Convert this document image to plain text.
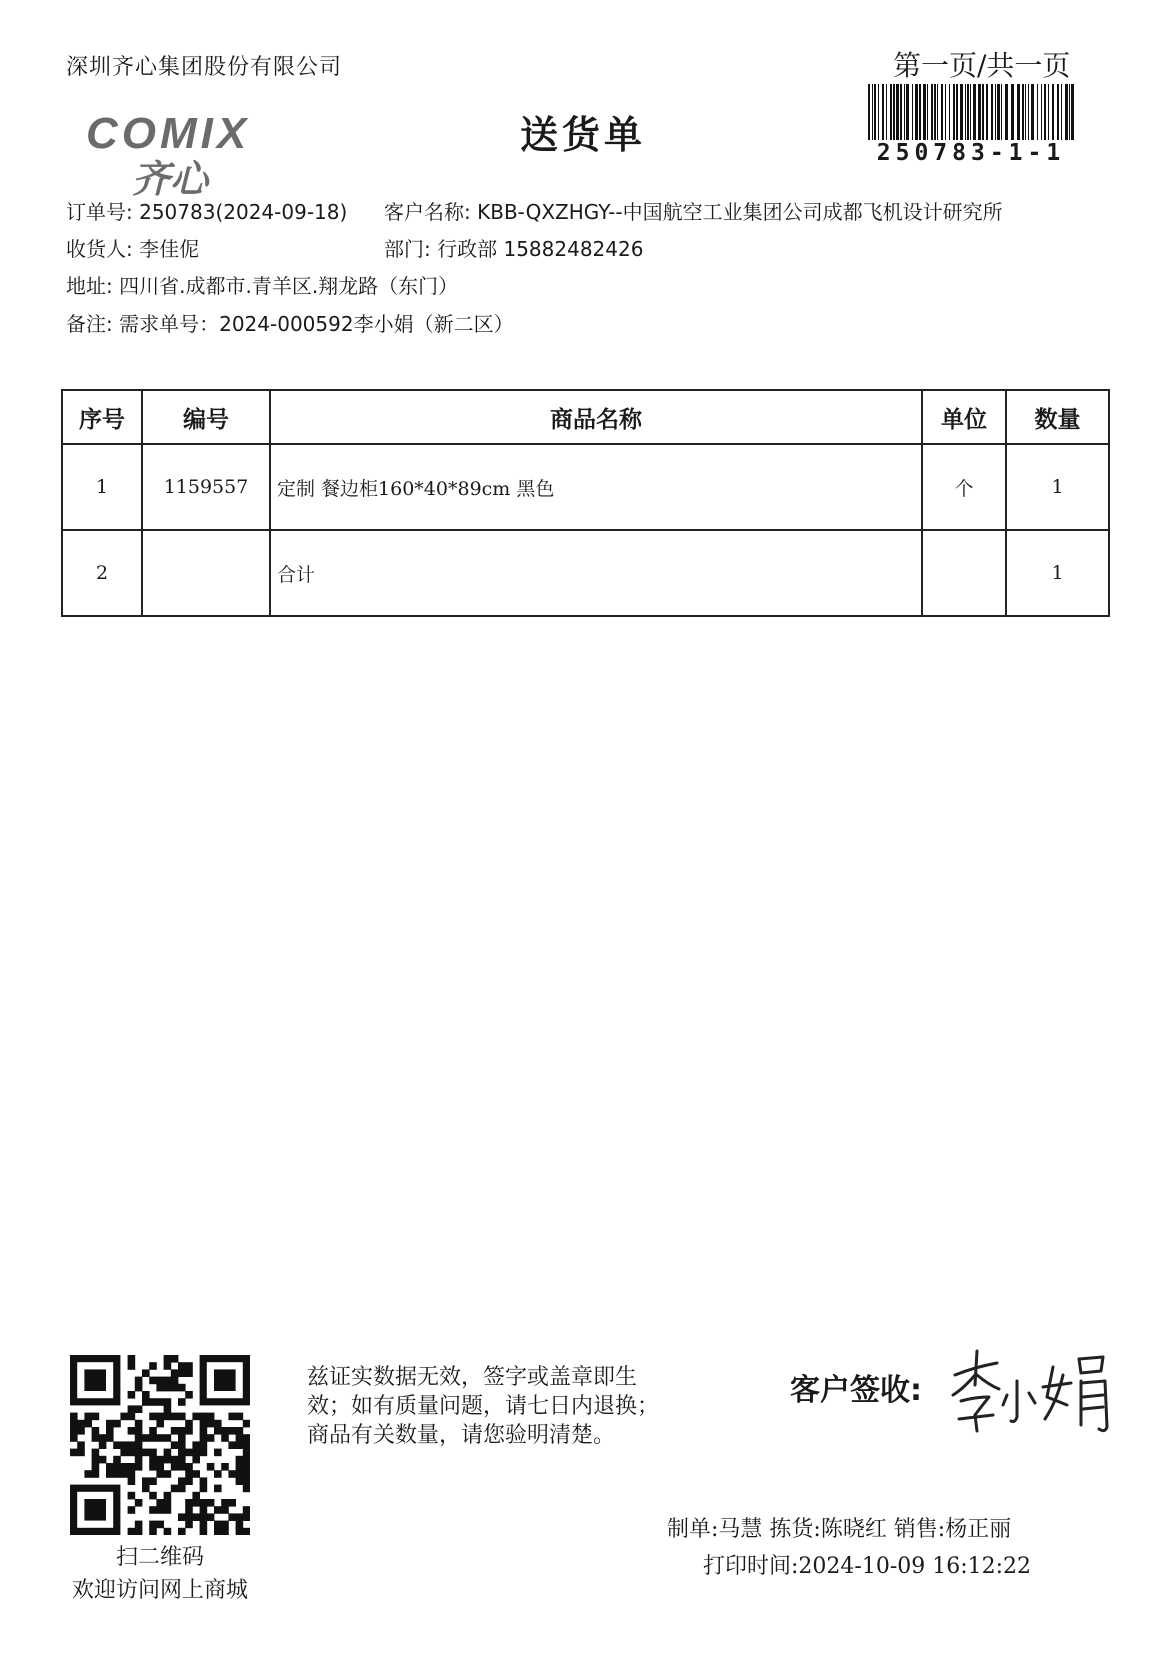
深圳齐心集团股份有限公司	第一页/共一页
送货单
COMIX
齐心
250783-1-1
订单号: 250783(2024-09-18) 客户名称: KBB-QXZHGY--中国航空工业集团公司成都飞机设计研究所
收货人: 李佳伲	部门: 行政部 15882482426
地址: 四川省.成都市.青羊区.翔龙路（东门）
备注: 需求单号：2024-000592李小娟（新二区）
序号	编号	商品名称	单位	数量
1	1159557	定制 餐边柜160*40*89cm 黑色	个	1
2		合计		1
扫二维码
欢迎访问网上商城
兹证实数据无效，签字或盖章即生
效；如有质量问题，请七日内退换；
商品有关数量，请您验明清楚。
客户签收:
制单:马慧 拣货:陈晓红 销售:杨正丽
打印时间:2024-10-09 16:12:22
